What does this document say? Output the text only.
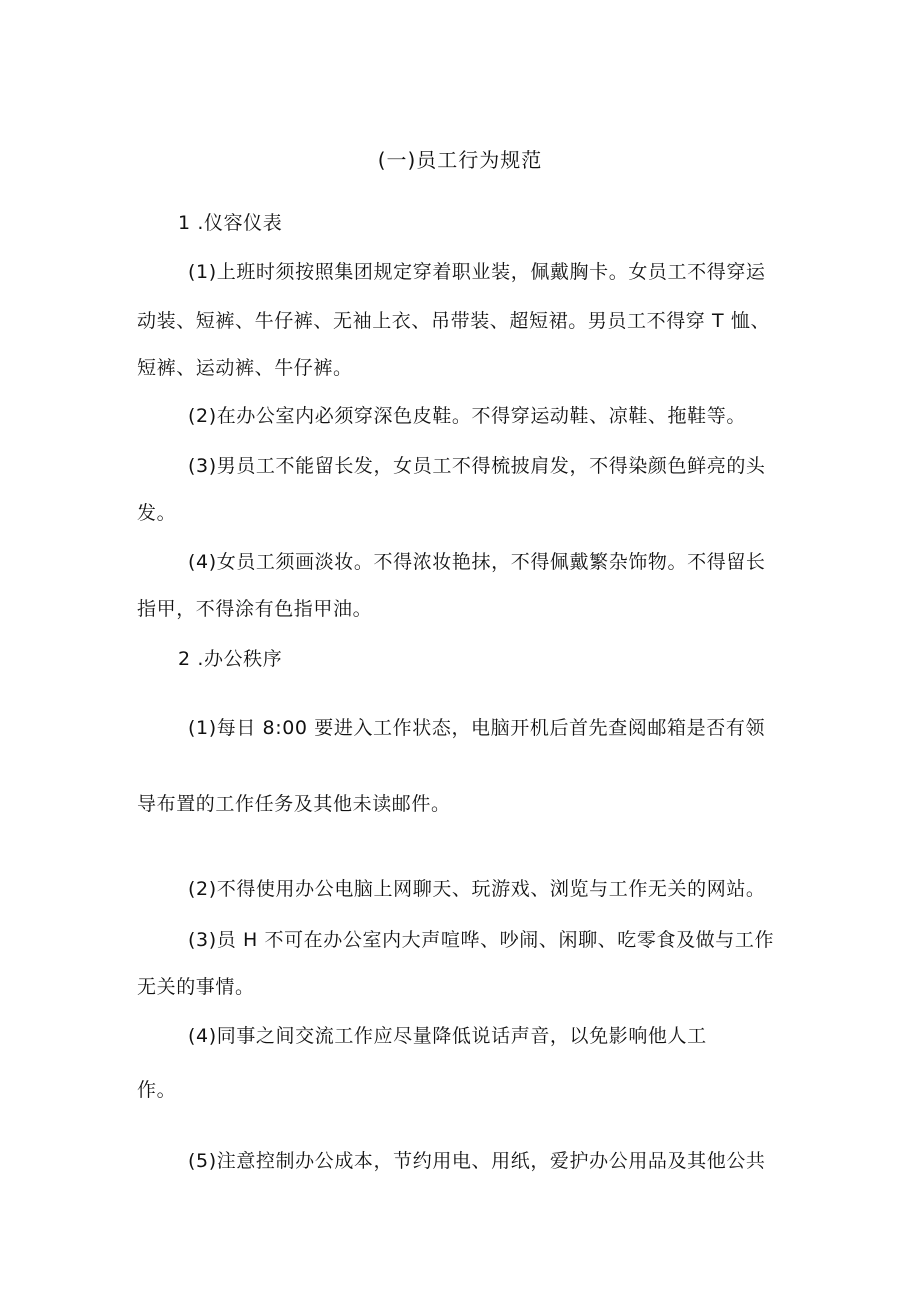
(一)员工行为规范
1 .仪容仪表
(1)上班时须按照集团规定穿着职业装，佩戴胸卡。女员工不得穿运
动装、短裤、牛仔裤、无袖上衣、吊带装、超短裙。男员工不得穿 T 恤、
短裤、运动裤、牛仔裤。
(2)在办公室内必须穿深色皮鞋。不得穿运动鞋、凉鞋、拖鞋等。
(3)男员工不能留长发，女员工不得梳披肩发，不得染颜色鲜亮的头
发。
(4)女员工须画淡妆。不得浓妆艳抹，不得佩戴繁杂饰物。不得留长
指甲，不得涂有色指甲油。
2 .办公秩序
(1)每日 8:00 要进入工作状态，电脑开机后首先查阅邮箱是否有领
导布置的工作任务及其他未读邮件。
(2)不得使用办公电脑上网聊天、玩游戏、浏览与工作无关的网站。
(3)员 H 不可在办公室内大声喧哗、吵闹、闲聊、吃零食及做与工作
无关的事情。
(4)同事之间交流工作应尽量降低说话声音，以免影响他人工
作。
(5)注意控制办公成本，节约用电、用纸，爱护办公用品及其他公共
